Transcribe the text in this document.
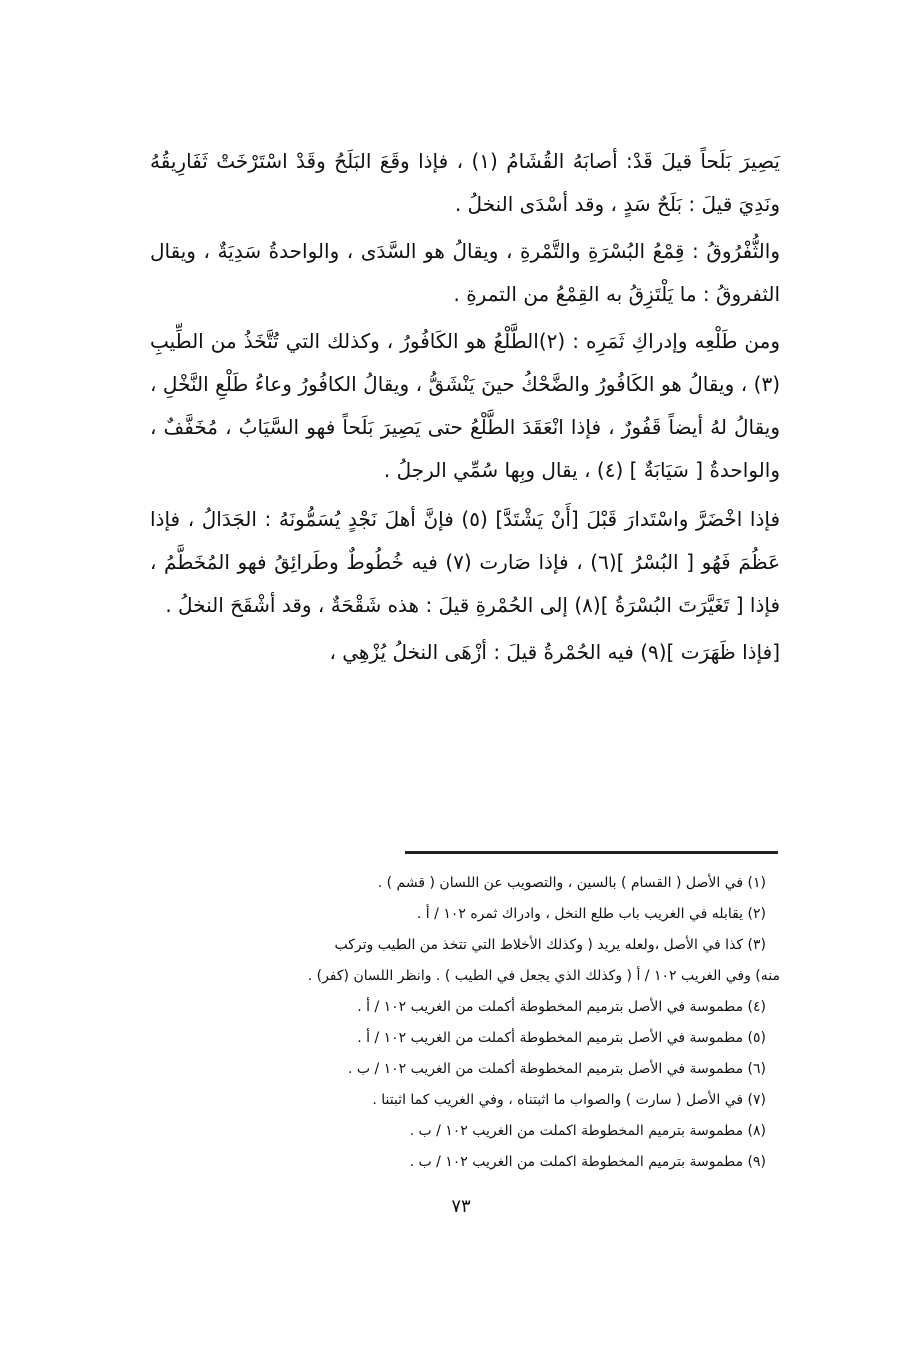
يَصِيرَ بَلَحاً قيلَ قَدْ: أصابَهُ القُشَامُ (١) ، فإذا وقَعَ البَلَحُ وقَدْ اسْتَرْخَتْ ثَفَارِيقُهُ ونَدِيَ قيلَ : بَلَحٌ سَدٍ ، وقد أسْدَى النخلُ .

والثُّفْرُوقُ : قِمْعُ البُسْرَةِ والتَّمْرةِ ، ويقالُ هو السَّدَى ، والواحدةُ سَدِيَةٌ ، ويقال الثفروقُ : ما يَلْتَزِقُ به القِمْعُ من التمرةِ .

ومن طَلْعِه وإدراكِ ثَمَرِه : (٢)الطَّلْعُ هو الكَافُورُ ، وكذلك التي تُتَّخَذُ من الطِّيبِ (٣) ، ويقالُ هو الكَافُورُ والضَّحْكُ حينَ يَنْشَقُّ ، ويقالُ الكافُورُ وعاءُ طَلْعِ النَّخْلِ ، ويقالُ لهُ أيضاً قَفُورٌ ، فإذا انْعَقَدَ الطَّلْعُ حتى يَصِيرَ بَلَحاً فهو السَّيَابُ ، مُخَفَّفٌ ، والواحدةُ [ سَيَابَةٌ ] (٤) ، يقال وبِها سُمِّي الرجلُ .

فإذا اخْضَرَّ واسْتَدارَ قَبْلَ [أَنْ يَشْتَدَّ] (٥) فإنَّ أهلَ نَجْدٍ يُسَمُّونَهُ : الجَدَالُ ، فإذا عَظُمَ فَهُو [ البُسْرُ ](٦) ، فإذا صَارت (٧) فيه خُطُوطٌ وطَرائِقُ فهو المُخَطَّمُ ، فإذا [ تَغَيَّرَتَ البُسْرَةُ ](٨) إلى الحُمْرةِ قيلَ : هذه شَقْحَةٌ ، وقد أشْقَحَ النخلُ .

[فإذا ظَهَرَت ](٩) فيه الحُمْرةُ قيلَ : أزْهَى النخلُ يُزْهِي ،

(١) في الأصل ( القسام ) بالسين ، والتصويب عن اللسان ( قشم ) .

(٢) يقابله في الغريب باب طلع النخل ، وادراك ثمره ١٠٢ / أ .

(٣) كذا في الأصل ،ولعله يريد ( وكذلك الأخلاط التي تتخذ من الطيب وتركب

منه) وفي الغريب ١٠٢ / أ ( وكذلك الذي يجعل في الطيب ) . وانظر اللسان (كفر) .

(٤) مطموسة في الأصل بترميم المخطوطة أكملت من الغريب ١٠٢ / أ .

(٥) مطموسة في الأصل بترميم المخطوطة أكملت من الغريب ١٠٢ / أ .

(٦) مطموسة في الأصل بترميم المخطوطة أكملت من الغريب ١٠٢ / ب .

(٧) في الأصل ( سارت ) والصواب ما اثبتناه ، وفي الغريب كما اثبتنا .

(٨) مطموسة بترميم المخطوطة اكملت من الغريب ١٠٢ / ب .

(٩) مطموسة بترميم المخطوطة اكملت من الغريب ١٠٢ / ب .

٧٣
